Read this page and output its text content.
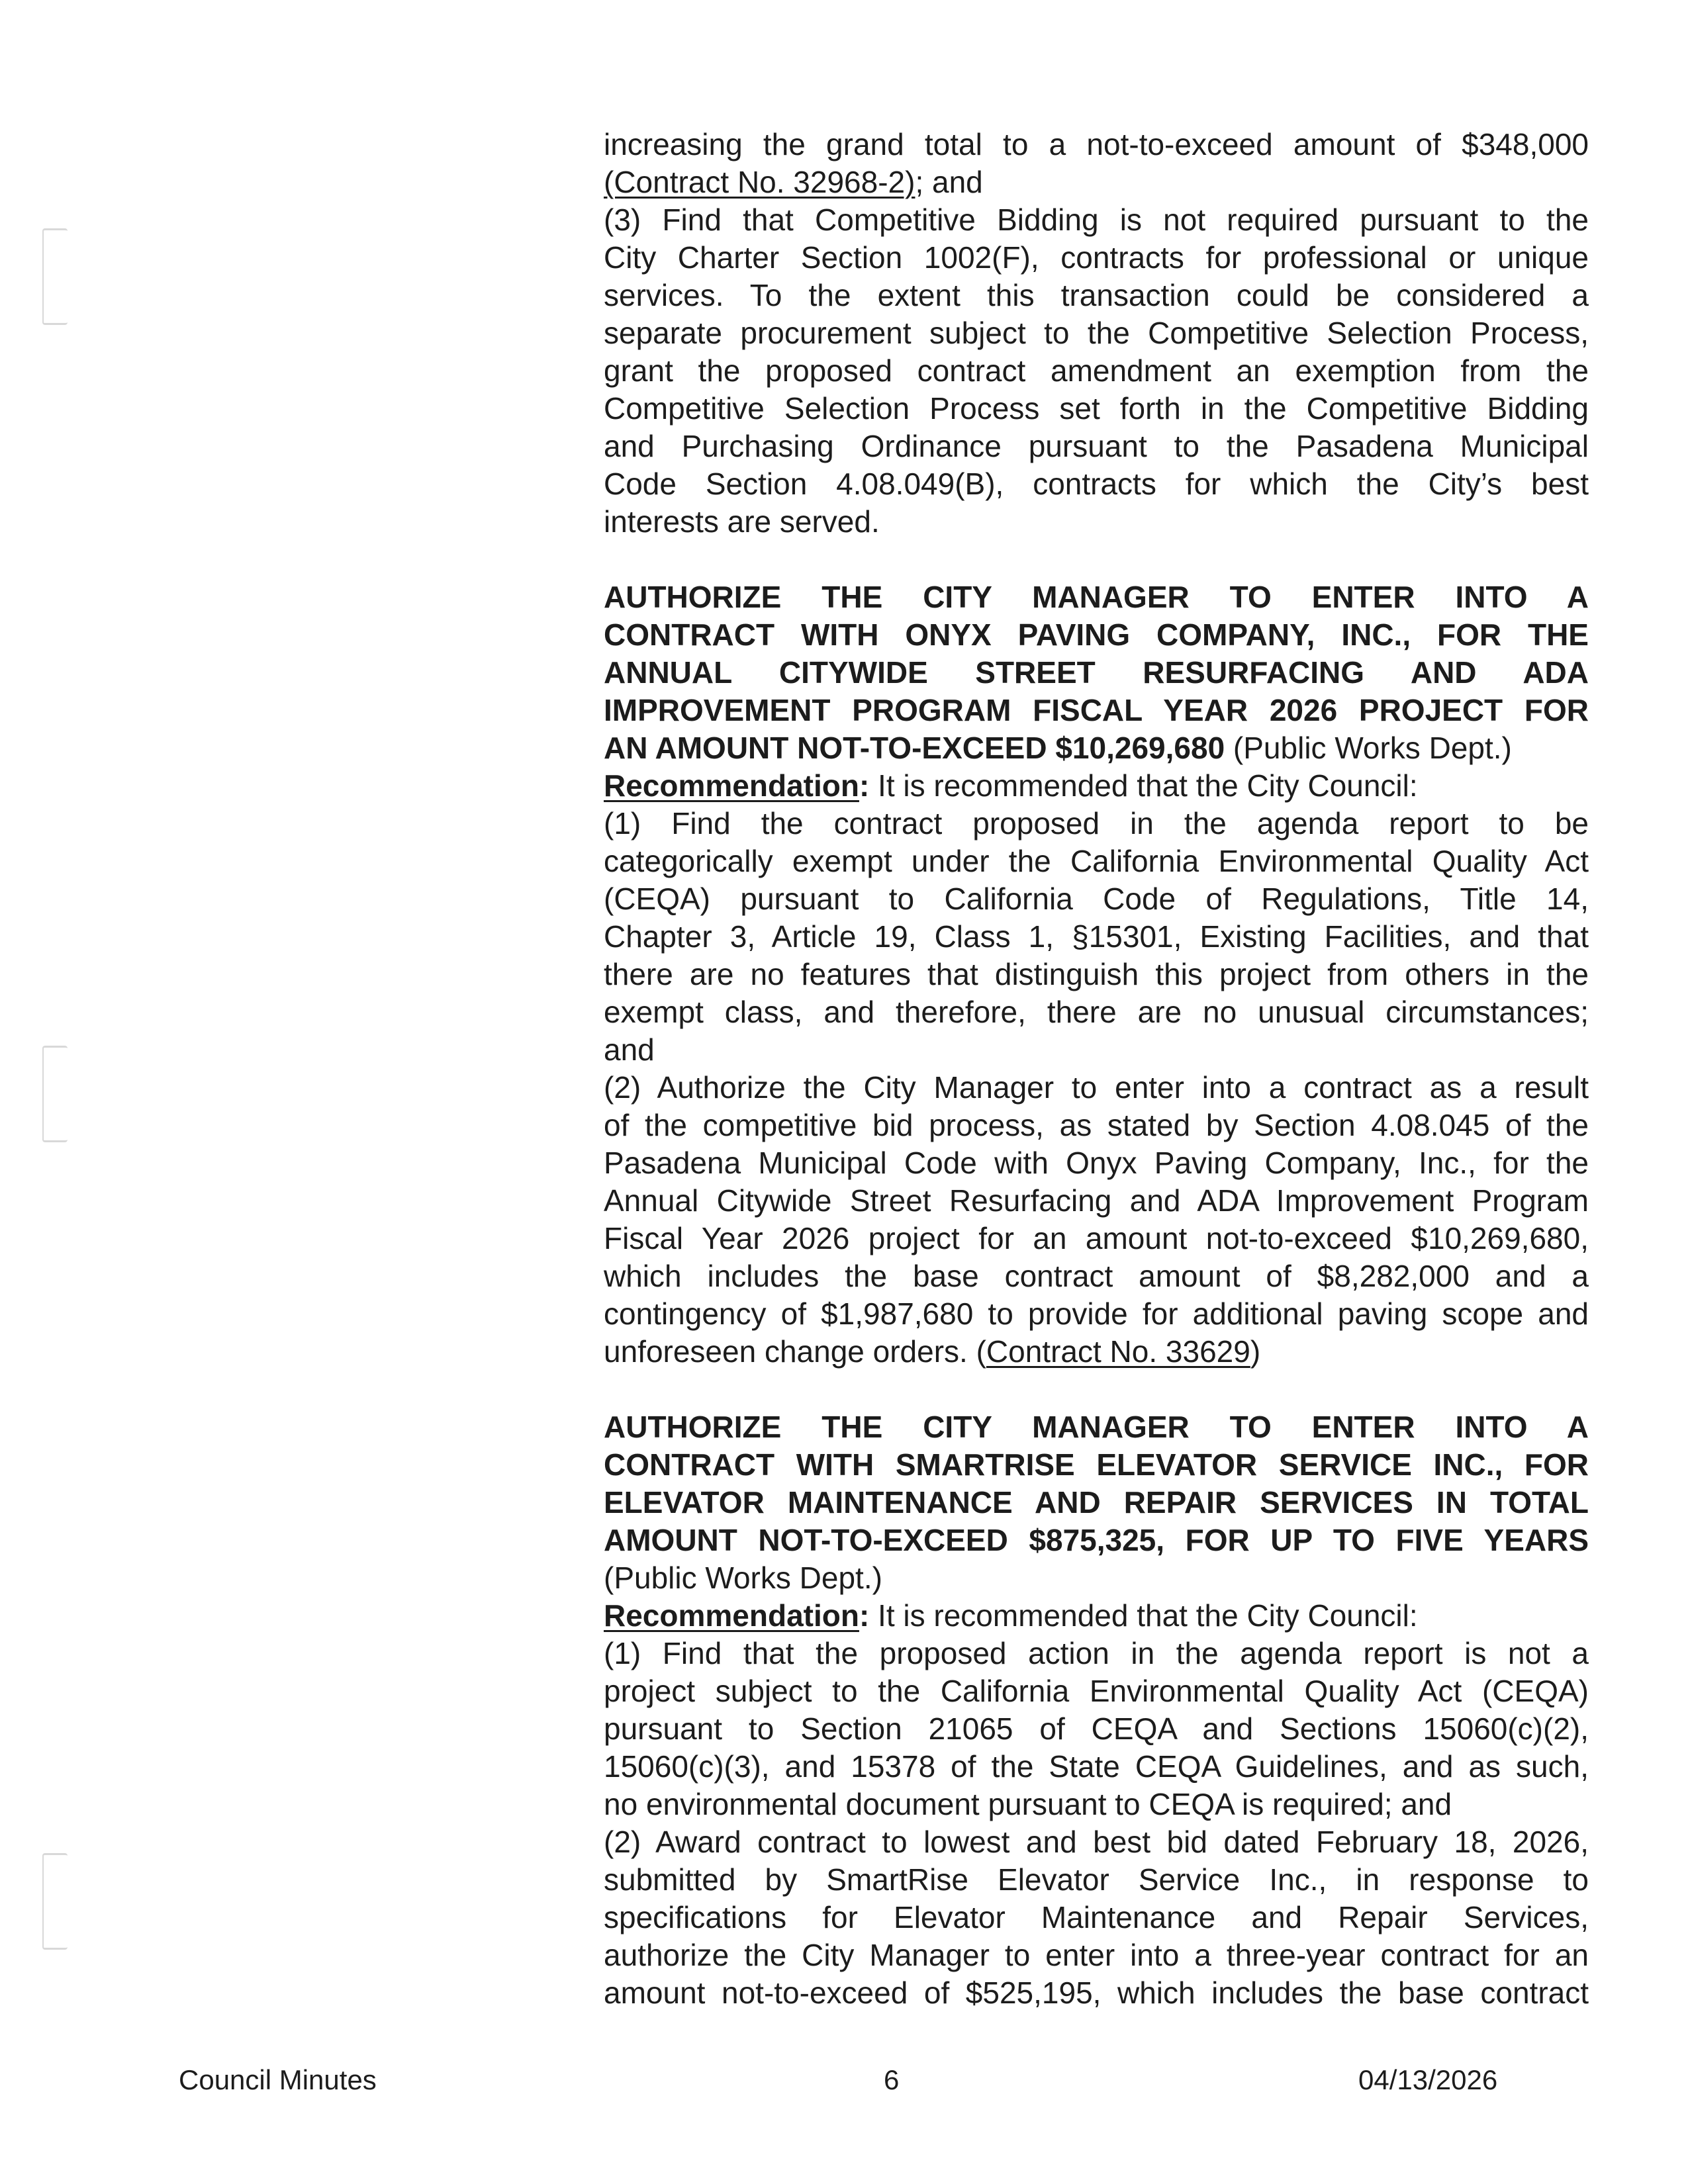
increasing the grand total to a not-to-exceed amount of $348,000
(Contract No. 32968-2); and
(3) Find that Competitive Bidding is not required pursuant to the
City Charter Section 1002(F), contracts for professional or unique
services. To the extent this transaction could be considered a
separate procurement subject to the Competitive Selection Process,
grant the proposed contract amendment an exemption from the
Competitive Selection Process set forth in the Competitive Bidding
and Purchasing Ordinance pursuant to the Pasadena Municipal
Code Section 4.08.049(B), contracts for which the City’s best
interests are served.
AUTHORIZE THE CITY MANAGER TO ENTER INTO A
CONTRACT WITH ONYX PAVING COMPANY, INC., FOR THE
ANNUAL CITYWIDE STREET RESURFACING AND ADA
IMPROVEMENT PROGRAM FISCAL YEAR 2026 PROJECT FOR
AN AMOUNT NOT-TO-EXCEED $10,269,680 (Public Works Dept.)
Recommendation: It is recommended that the City Council:
(1) Find the contract proposed in the agenda report to be
categorically exempt under the California Environmental Quality Act
(CEQA) pursuant to California Code of Regulations, Title 14,
Chapter 3, Article 19, Class 1, §15301, Existing Facilities, and that
there are no features that distinguish this project from others in the
exempt class, and therefore, there are no unusual circumstances;
and
(2) Authorize the City Manager to enter into a contract as a result
of the competitive bid process, as stated by Section 4.08.045 of the
Pasadena Municipal Code with Onyx Paving Company, Inc., for the
Annual Citywide Street Resurfacing and ADA Improvement Program
Fiscal Year 2026 project for an amount not-to-exceed $10,269,680,
which includes the base contract amount of $8,282,000 and a
contingency of $1,987,680 to provide for additional paving scope and
unforeseen change orders. (Contract No. 33629)
AUTHORIZE THE CITY MANAGER TO ENTER INTO A
CONTRACT WITH SMARTRISE ELEVATOR SERVICE INC., FOR
ELEVATOR MAINTENANCE AND REPAIR SERVICES IN TOTAL
AMOUNT NOT-TO-EXCEED $875,325, FOR UP TO FIVE YEARS
(Public Works Dept.)
Recommendation: It is recommended that the City Council:
(1) Find that the proposed action in the agenda report is not a
project subject to the California Environmental Quality Act (CEQA)
pursuant to Section 21065 of CEQA and Sections 15060(c)(2),
15060(c)(3), and 15378 of the State CEQA Guidelines, and as such,
no environmental document pursuant to CEQA is required; and
(2) Award contract to lowest and best bid dated February 18, 2026,
submitted by SmartRise Elevator Service Inc., in response to
specifications for Elevator Maintenance and Repair Services,
authorize the City Manager to enter into a three-year contract for an
amount not-to-exceed of $525,195, which includes the base contract
Council Minutes	6	04/13/2026
